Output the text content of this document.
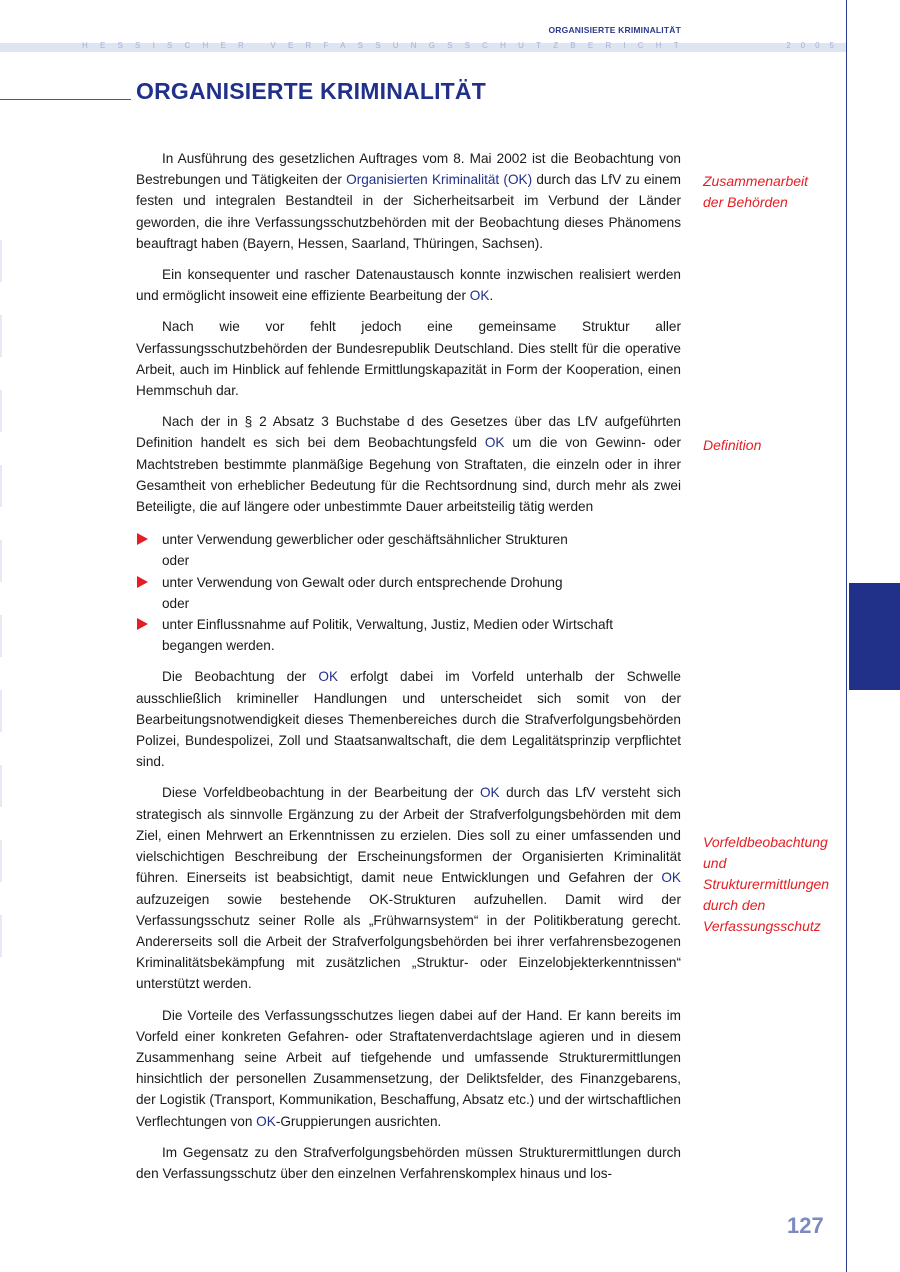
ORGANISIERTE KRIMINALITÄT
HESSISCHER VERFASSUNGSSCHUTZBERICHT	2005
ORGANISIERTE KRIMINALITÄT
Zusammenarbeit der Behörden
Definition
Vorfeldbeobachtung und Strukturermittlungen durch den Verfassungsschutz

In Ausführung des gesetzlichen Auftrages vom 8. Mai 2002 ist die Beobachtung von Bestrebungen und Tätigkeiten der Organisierten Kriminalität (OK) durch das LfV zu einem festen und integralen Bestandteil in der Sicherheitsarbeit im Verbund der Länder geworden, die ihre Verfassungsschutzbehörden mit der Beobachtung dieses Phänomens beauftragt haben (Bayern, Hessen, Saarland, Thüringen, Sachsen).

Ein konsequenter und rascher Datenaustausch konnte inzwischen realisiert werden und ermöglicht insoweit eine effiziente Bearbeitung der OK.

Nach wie vor fehlt jedoch eine gemeinsame Struktur aller Verfassungsschutzbehörden der Bundesrepublik Deutschland. Dies stellt für die operative Arbeit, auch im Hinblick auf fehlende Ermittlungskapazität in Form der Kooperation, einen Hemmschuh dar.

Nach der in § 2 Absatz 3 Buchstabe d des Gesetzes über das LfV aufgeführten Definition handelt es sich bei dem Beobachtungsfeld OK um die von Gewinn- oder Machtstreben bestimmte planmäßige Begehung von Straftaten, die einzeln oder in ihrer Gesamtheit von erheblicher Bedeutung für die Rechtsordnung sind, durch mehr als zwei Beteiligte, die auf längere oder unbestimmte Dauer arbeitsteilig tätig werden

unter Verwendung gewerblicher oder geschäftsähnlicher Strukturen
oder
unter Verwendung von Gewalt oder durch entsprechende Drohung
oder
unter Einflussnahme auf Politik, Verwaltung, Justiz, Medien oder Wirtschaft
begangen werden.

Die Beobachtung der OK erfolgt dabei im Vorfeld unterhalb der Schwelle ausschließlich krimineller Handlungen und unterscheidet sich somit von der Bearbeitungsnotwendigkeit dieses Themenbereiches durch die Strafverfolgungsbehörden Polizei, Bundespolizei, Zoll und Staatsanwaltschaft, die dem Legalitätsprinzip verpflichtet sind.

Diese Vorfeldbeobachtung in der Bearbeitung der OK durch das LfV versteht sich strategisch als sinnvolle Ergänzung zu der Arbeit der Strafverfolgungsbehörden mit dem Ziel, einen Mehrwert an Erkenntnissen zu erzielen. Dies soll zu einer umfassenden und vielschichtigen Beschreibung der Erscheinungsformen der Organisierten Kriminalität führen. Einerseits ist beabsichtigt, damit neue Entwicklungen und Gefahren der OK aufzuzeigen sowie bestehende OK-Strukturen aufzuhellen. Damit wird der Verfassungsschutz seiner Rolle als „Frühwarnsystem“ in der Politikberatung gerecht. Andererseits soll die Arbeit der Strafverfolgungsbehörden bei ihrer verfahrensbezogenen Kriminalitätsbekämpfung mit zusätzlichen „Struktur- oder Einzelobjekterkenntnissen“ unterstützt werden.

Die Vorteile des Verfassungsschutzes liegen dabei auf der Hand. Er kann bereits im Vorfeld einer konkreten Gefahren- oder Straftatenverdachtslage agieren und in diesem Zusammenhang seine Arbeit auf tiefgehende und umfassende Strukturermittlungen hinsichtlich der personellen Zusammensetzung, der Deliktsfelder, des Finanzgebarens, der Logistik (Transport, Kommunikation, Beschaffung, Absatz etc.) und der wirtschaftlichen Verflechtungen von OK-Gruppierungen ausrichten.

Im Gegensatz zu den Strafverfolgungsbehörden müssen Strukturermittlungen durch den Verfassungsschutz über den einzelnen Verfahrenskomplex hinaus und los-

127
